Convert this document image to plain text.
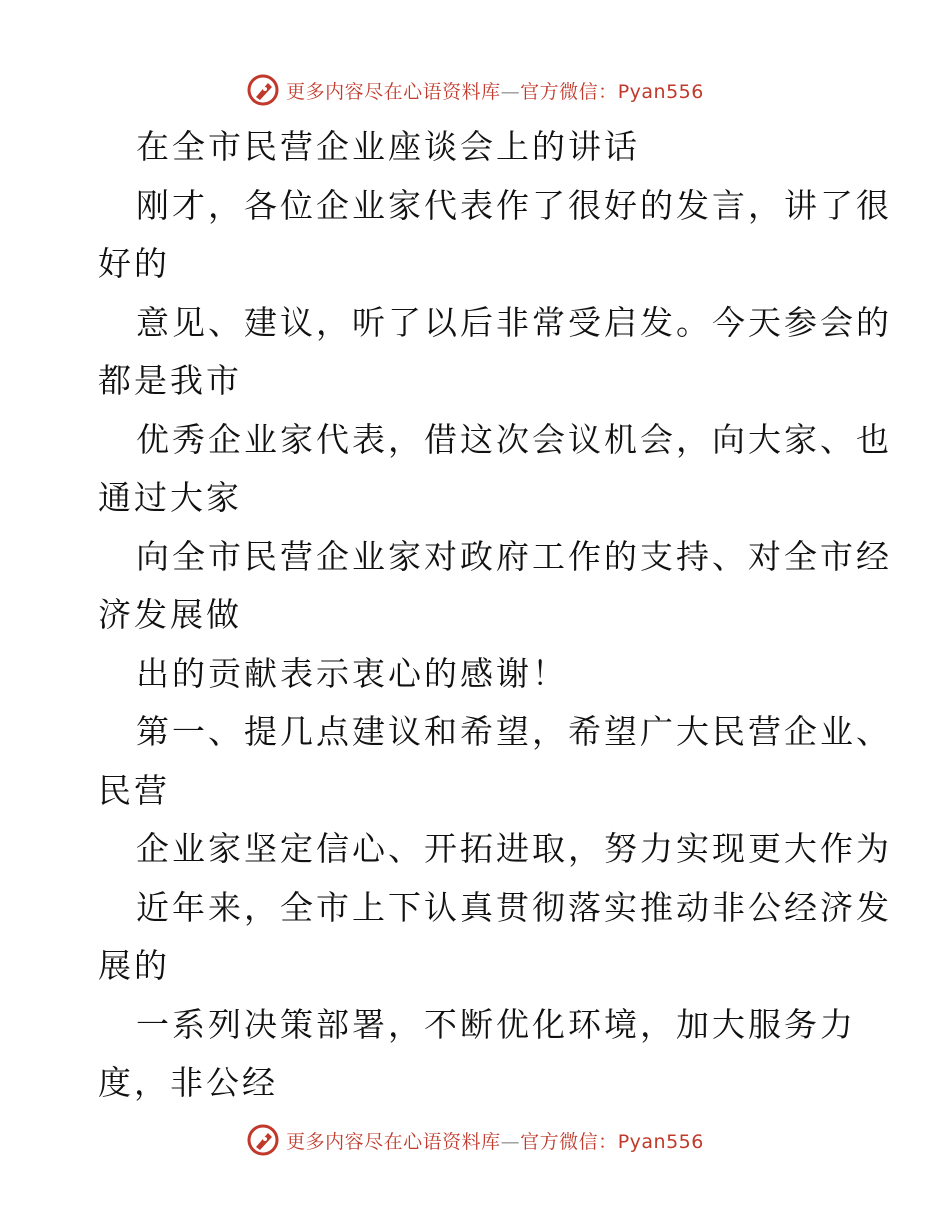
更多内容尽在心语资料库—官方微信：Pyan556
在全市民营企业座谈会上的讲话
刚才，各位企业家代表作了很好的发言，讲了很
好的
意见、建议，听了以后非常受启发。今天参会的
都是我市
优秀企业家代表，借这次会议机会，向大家、也
通过大家
向全市民营企业家对政府工作的支持、对全市经
济发展做
出的贡献表示衷心的感谢！
第一、提几点建议和希望，希望广大民营企业、
民营
企业家坚定信心、开拓进取，努力实现更大作为
近年来，全市上下认真贯彻落实推动非公经济发
展的
一系列决策部署，不断优化环境，加大服务力
度，非公经
更多内容尽在心语资料库—官方微信：Pyan556
